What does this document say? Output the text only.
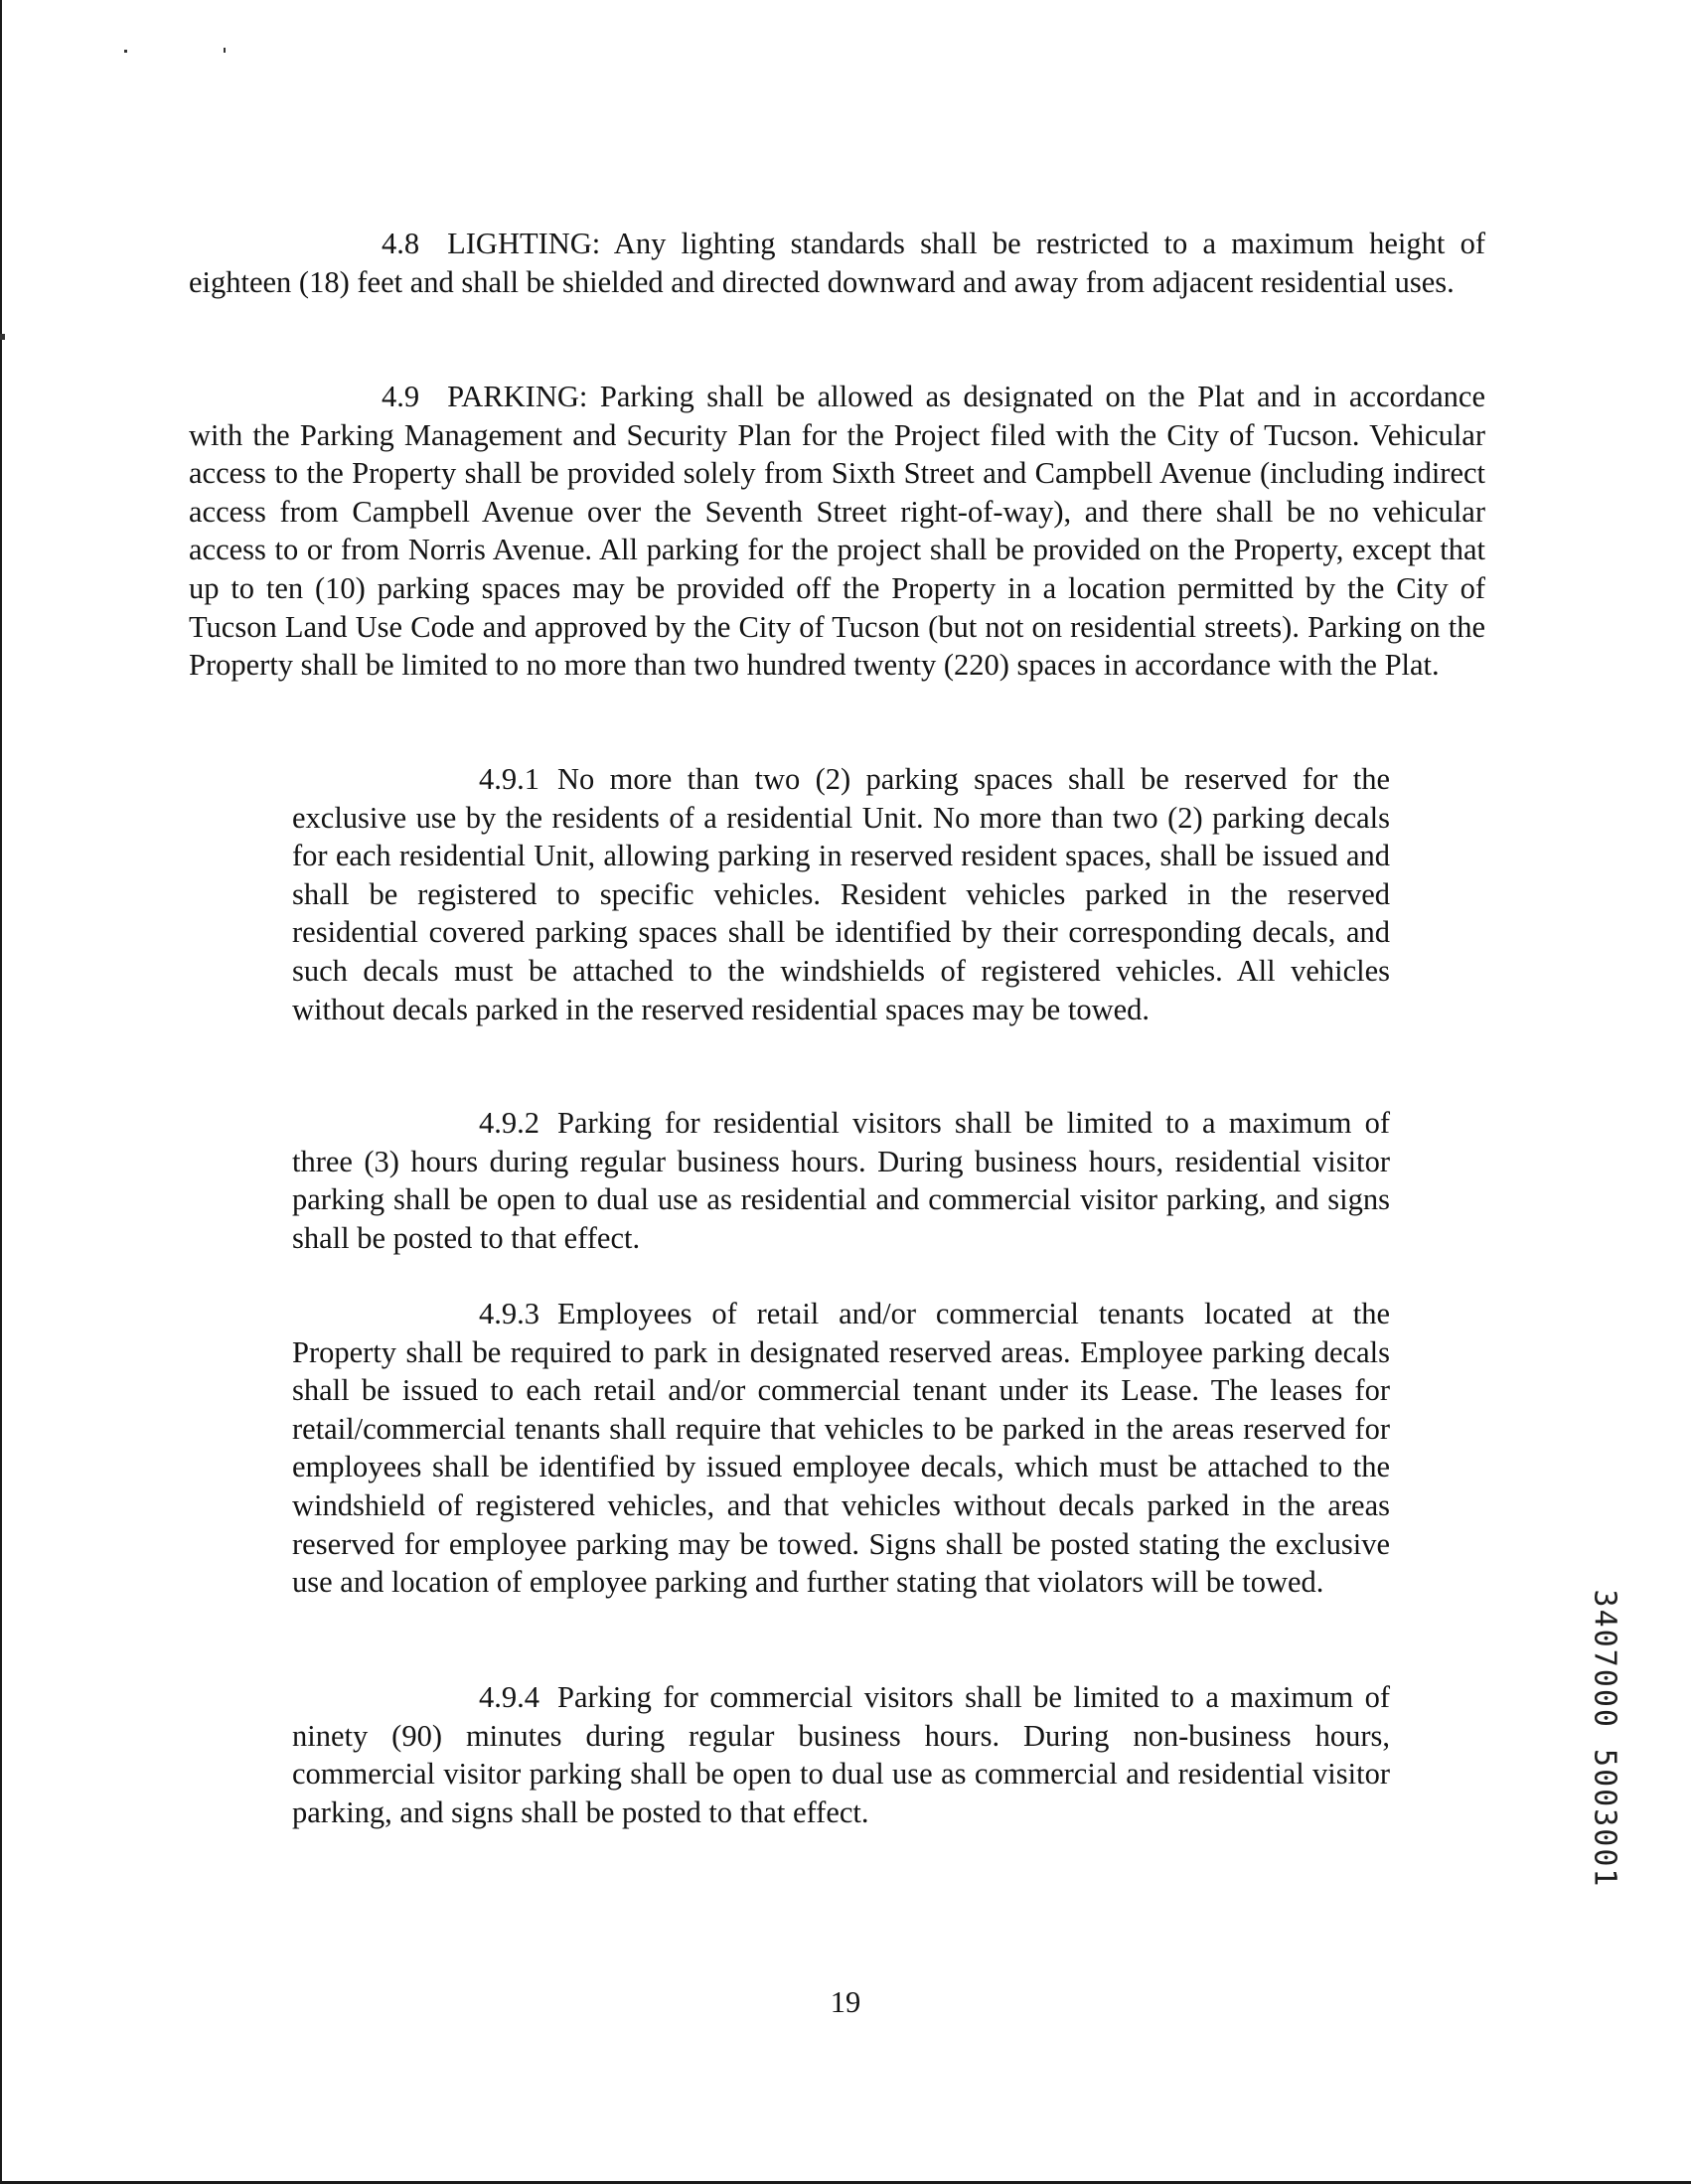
4.8 LIGHTING: Any lighting standards shall be restricted to a maximum height of eighteen (18) feet and shall be shielded and directed downward and away from adjacent residential uses.

4.9 PARKING: Parking shall be allowed as designated on the Plat and in accordance with the Parking Management and Security Plan for the Project filed with the City of Tucson. Vehicular access to the Property shall be provided solely from Sixth Street and Campbell Avenue (including indirect access from Campbell Avenue over the Seventh Street right-of-way), and there shall be no vehicular access to or from Norris Avenue. All parking for the project shall be provided on the Property, except that up to ten (10) parking spaces may be provided off the Property in a location permitted by the City of Tucson Land Use Code and approved by the City of Tucson (but not on residential streets). Parking on the Property shall be limited to no more than two hundred twenty (220) spaces in accordance with the Plat.

4.9.1 No more than two (2) parking spaces shall be reserved for the exclusive use by the residents of a residential Unit. No more than two (2) parking decals for each residential Unit, allowing parking in reserved resident spaces, shall be issued and shall be registered to specific vehicles. Resident vehicles parked in the reserved residential covered parking spaces shall be identified by their corresponding decals, and such decals must be attached to the windshields of registered vehicles. All vehicles without decals parked in the reserved residential spaces may be towed.

4.9.2 Parking for residential visitors shall be limited to a maximum of three (3) hours during regular business hours. During business hours, residential visitor parking shall be open to dual use as residential and commercial visitor parking, and signs shall be posted to that effect.

4.9.3 Employees of retail and/or commercial tenants located at the Property shall be required to park in designated reserved areas. Employee parking decals shall be issued to each retail and/or commercial tenant under its Lease. The leases for retail/commercial tenants shall require that vehicles to be parked in the areas reserved for employees shall be identified by issued employee decals, which must be attached to the windshield of registered vehicles, and that vehicles without decals parked in the areas reserved for employee parking may be towed. Signs shall be posted stating the exclusive use and location of employee parking and further stating that violators will be towed.

4.9.4 Parking for commercial visitors shall be limited to a maximum of ninety (90) minutes during regular business hours. During non-business hours, commercial visitor parking shall be open to dual use as commercial and residential visitor parking, and signs shall be posted to that effect.

19
3407000 5003001
